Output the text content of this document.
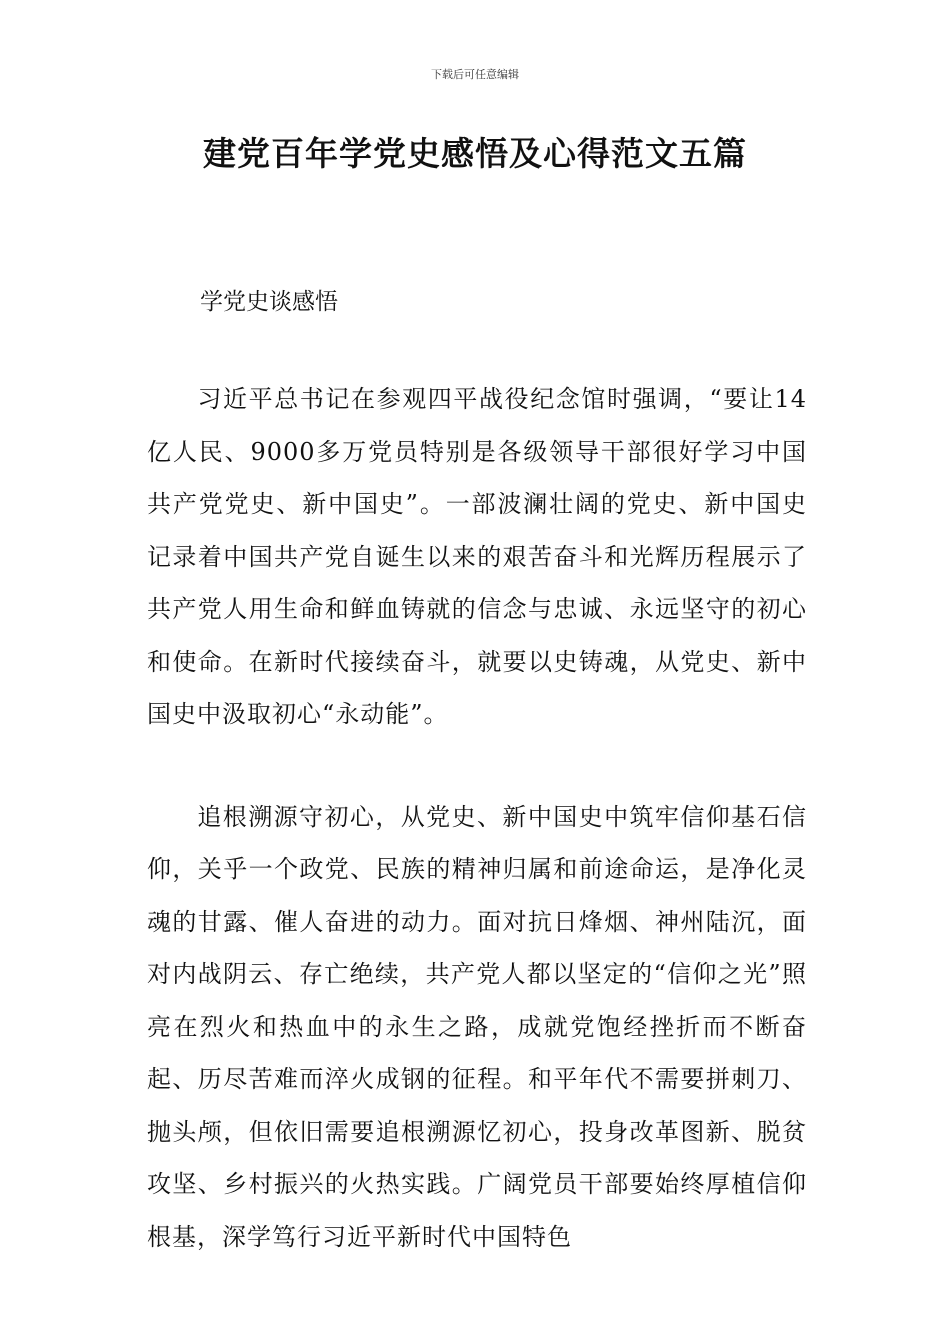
下载后可任意编辑
建党百年学党史感悟及心得范文五篇
学党史谈感悟

习近平总书记在参观四平战役纪念馆时强调，“要让14亿人民、9000多万党员特别是各级领导干部很好学习中国共产党党史、新中国史”。一部波澜壮阔的党史、新中国史记录着中国共产党自诞生以来的艰苦奋斗和光辉历程展示了共产党人用生命和鲜血铸就的信念与忠诚、永远坚守的初心和使命。在新时代接续奋斗，就要以史铸魂，从党史、新中国史中汲取初心“永动能”。

追根溯源守初心，从党史、新中国史中筑牢信仰基石信仰，关乎一个政党、民族的精神归属和前途命运，是净化灵魂的甘露、催人奋进的动力。面对抗日烽烟、神州陆沉，面对内战阴云、存亡绝续，共产党人都以坚定的“信仰之光”照亮在烈火和热血中的永生之路，成就党饱经挫折而不断奋起、历尽苦难而淬火成钢的征程。和平年代不需要拼刺刀、抛头颅，但依旧需要追根溯源忆初心，投身改革图新、脱贫攻坚、乡村振兴的火热实践。广阔党员干部要始终厚植信仰根基，深学笃行习近平新时代中国特色
